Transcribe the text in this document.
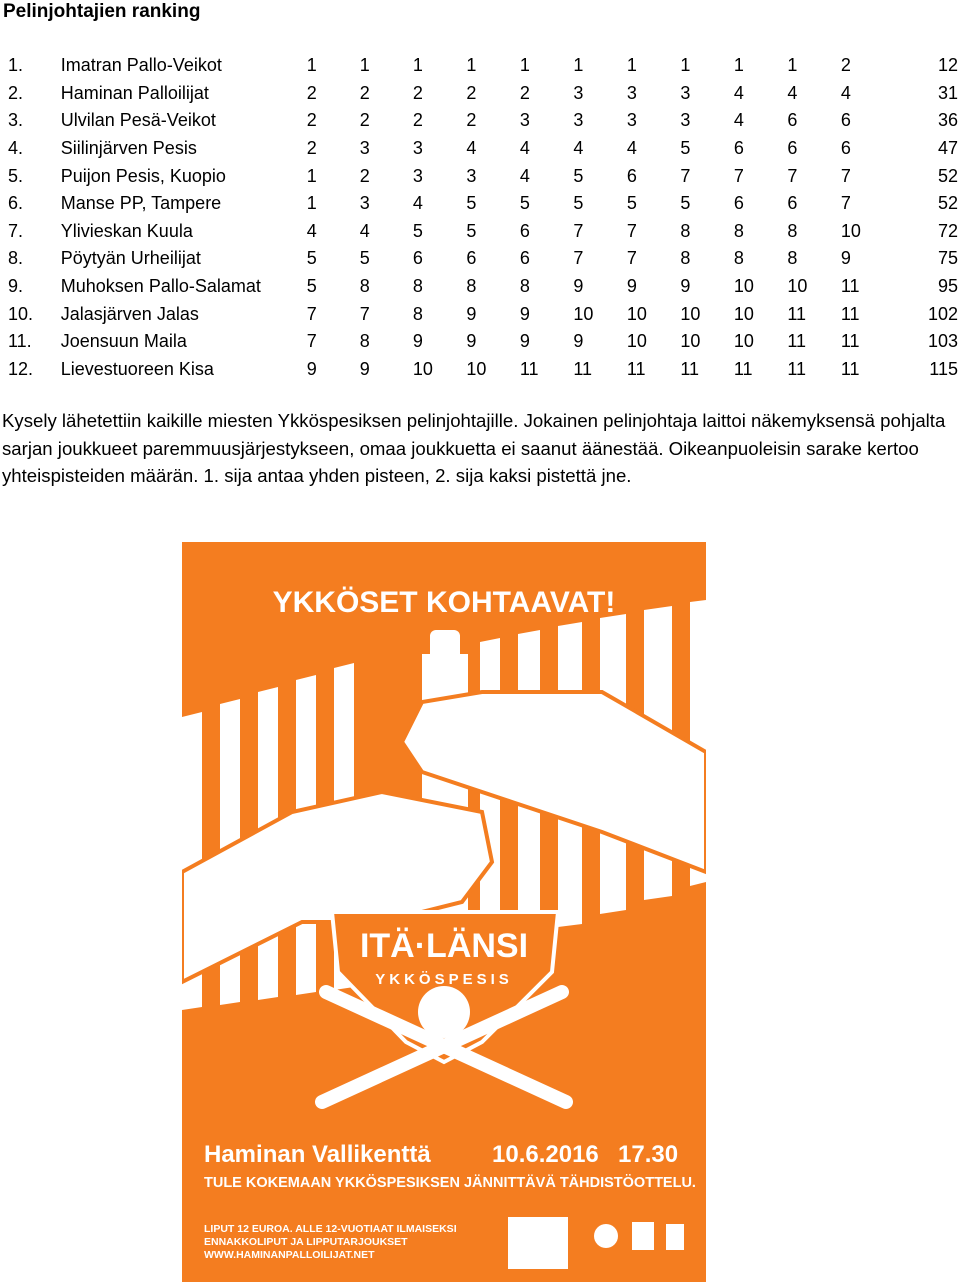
Pelinjohtajien ranking
1.	Imatran Pallo-Veikot	1	1	1	1	1	1	1	1	1	1	2	12
2.	Haminan Palloilijat	2	2	2	2	2	3	3	3	4	4	4	31
3.	Ulvilan Pesä-Veikot	2	2	2	2	3	3	3	3	4	6	6	36
4.	Siilinjärven Pesis	2	3	3	4	4	4	4	5	6	6	6	47
5.	Puijon Pesis, Kuopio	1	2	3	3	4	5	6	7	7	7	7	52
6.	Manse PP, Tampere	1	3	4	5	5	5	5	5	6	6	7	52
7.	Ylivieskan Kuula	4	4	5	5	6	7	7	8	8	8	10	72
8.	Pöytyän Urheilijat	5	5	6	6	6	7	7	8	8	8	9	75
9.	Muhoksen Pallo-Salamat	5	8	8	8	8	9	9	9	10	10	11	95
10.	Jalasjärven Jalas	7	7	8	9	9	10	10	10	10	11	11	102
11.	Joensuun Maila	7	8	9	9	9	9	10	10	10	11	11	103
12.	Lievestuoreen Kisa	9	9	10	10	11	11	11	11	11	11	11	115
Kysely lähetettiin kaikille miesten Ykköspesiksen pelinjohtajille. Jokainen pelinjohtaja laittoi näkemyksensä pohjalta sarjan joukkueet paremmuusjärjestykseen, omaa joukkuetta ei saanut äänestää. Oikeanpuoleisin sarake kertoo yhteispisteiden määrän. 1. sija antaa yhden pisteen, 2. sija kaksi pistettä jne.
YKKÖSET KOHTAAVAT!
ITÄ·LÄNSI
YKKÖSPESIS
Haminan Vallikenttä	10.6.2016 17.30
TULE KOKEMAAN YKKÖSPESIKSEN JÄNNITTÄVÄ TÄHDISTÖOTTELU.
LIPUT 12 EUROA. ALLE 12-VUOTIAAT ILMAISEKSI
ENNAKKOLIPUT JA LIPPUTARJOUKSET
WWW.HAMINANPALLOILIJAT.NET
